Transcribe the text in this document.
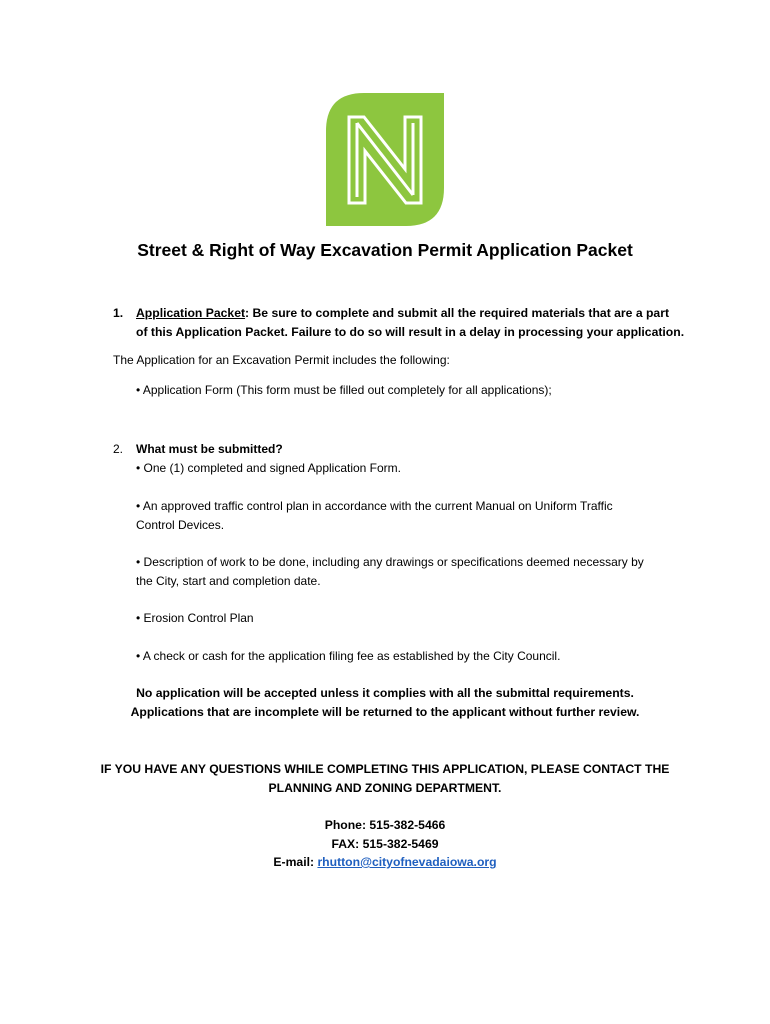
Street & Right of Way Excavation Permit Application Packet
1. Application Packet: Be sure to complete and submit all the required materials that are a part
of this Application Packet. Failure to do so will result in a delay in processing your application.
The Application for an Excavation Permit includes the following:
• Application Form (This form must be filled out completely for all applications);
2. What must be submitted?
• One (1) completed and signed Application Form.
• An approved traffic control plan in accordance with the current Manual on Uniform Traffic
Control Devices.
• Description of work to be done, including any drawings or specifications deemed necessary by
the City, start and completion date.
• Erosion Control Plan
• A check or cash for the application filing fee as established by the City Council.
No application will be accepted unless it complies with all the submittal requirements.
Applications that are incomplete will be returned to the applicant without further review.
IF YOU HAVE ANY QUESTIONS WHILE COMPLETING THIS APPLICATION, PLEASE CONTACT THE
PLANNING AND ZONING DEPARTMENT.
Phone: 515-382-5466
FAX: 515-382-5469
E-mail: rhutton@cityofnevadaiowa.org
